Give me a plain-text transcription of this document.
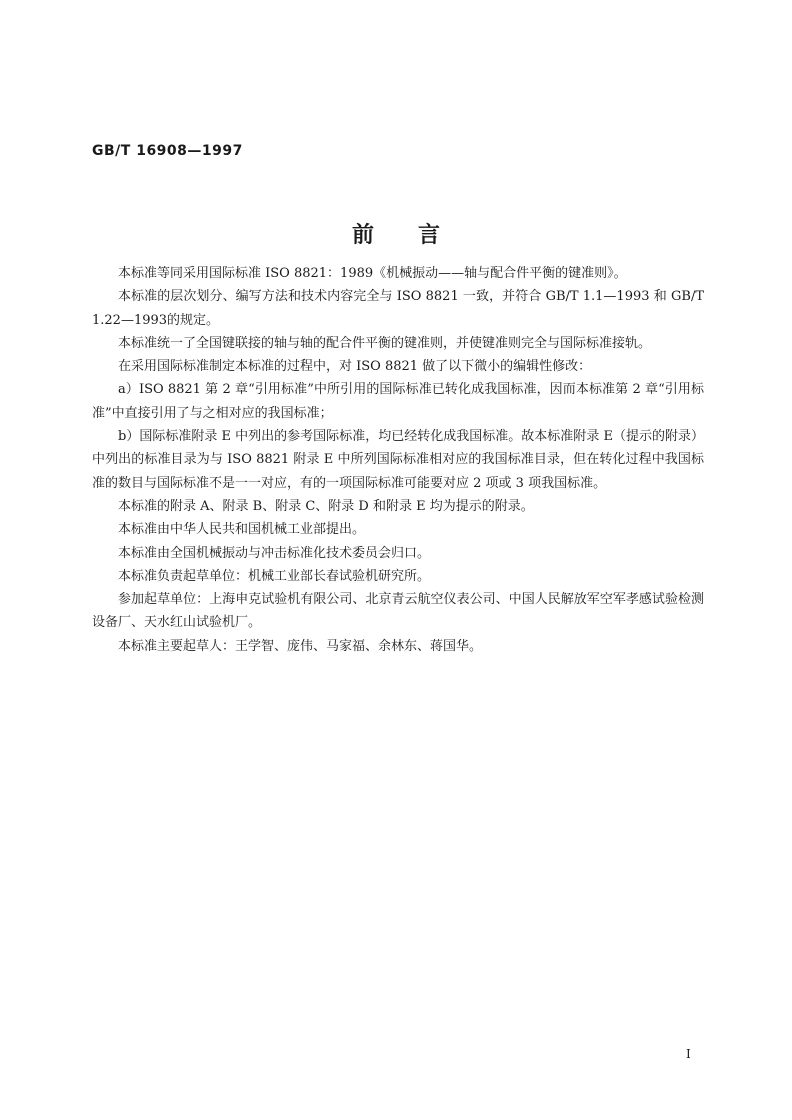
GB/T 16908—1997
前 言

本标准等同采用国际标准 ISO 8821：1989《机械振动——轴与配合件平衡的键准则》。

本标准的层次划分、编写方法和技术内容完全与 ISO 8821 一致，并符合 GB/T 1.1—1993 和 GB/T 1.22—1993的规定。

本标准统一了全国键联接的轴与轴的配合件平衡的键准则，并使键准则完全与国际标准接轨。

在采用国际标准制定本标准的过程中，对 ISO 8821 做了以下微小的编辑性修改：

a）ISO 8821 第 2 章“引用标准”中所引用的国际标准已转化成我国标准，因而本标准第 2 章“引用标准”中直接引用了与之相对应的我国标准；

b）国际标准附录 E 中列出的参考国际标准，均已经转化成我国标准。故本标准附录 E（提示的附录）中列出的标准目录为与 ISO 8821 附录 E 中所列国际标准相对应的我国标准目录，但在转化过程中我国标准的数目与国际标准不是一一对应，有的一项国际标准可能要对应 2 项或 3 项我国标准。

本标准的附录 A、附录 B、附录 C、附录 D 和附录 E 均为提示的附录。

本标准由中华人民共和国机械工业部提出。

本标准由全国机械振动与冲击标准化技术委员会归口。

本标准负责起草单位：机械工业部长春试验机研究所。

参加起草单位：上海申克试验机有限公司、北京青云航空仪表公司、中国人民解放军空军孝感试验检测设备厂、天水红山试验机厂。

本标准主要起草人：王学智、庞伟、马家福、余林东、蒋国华。

I
